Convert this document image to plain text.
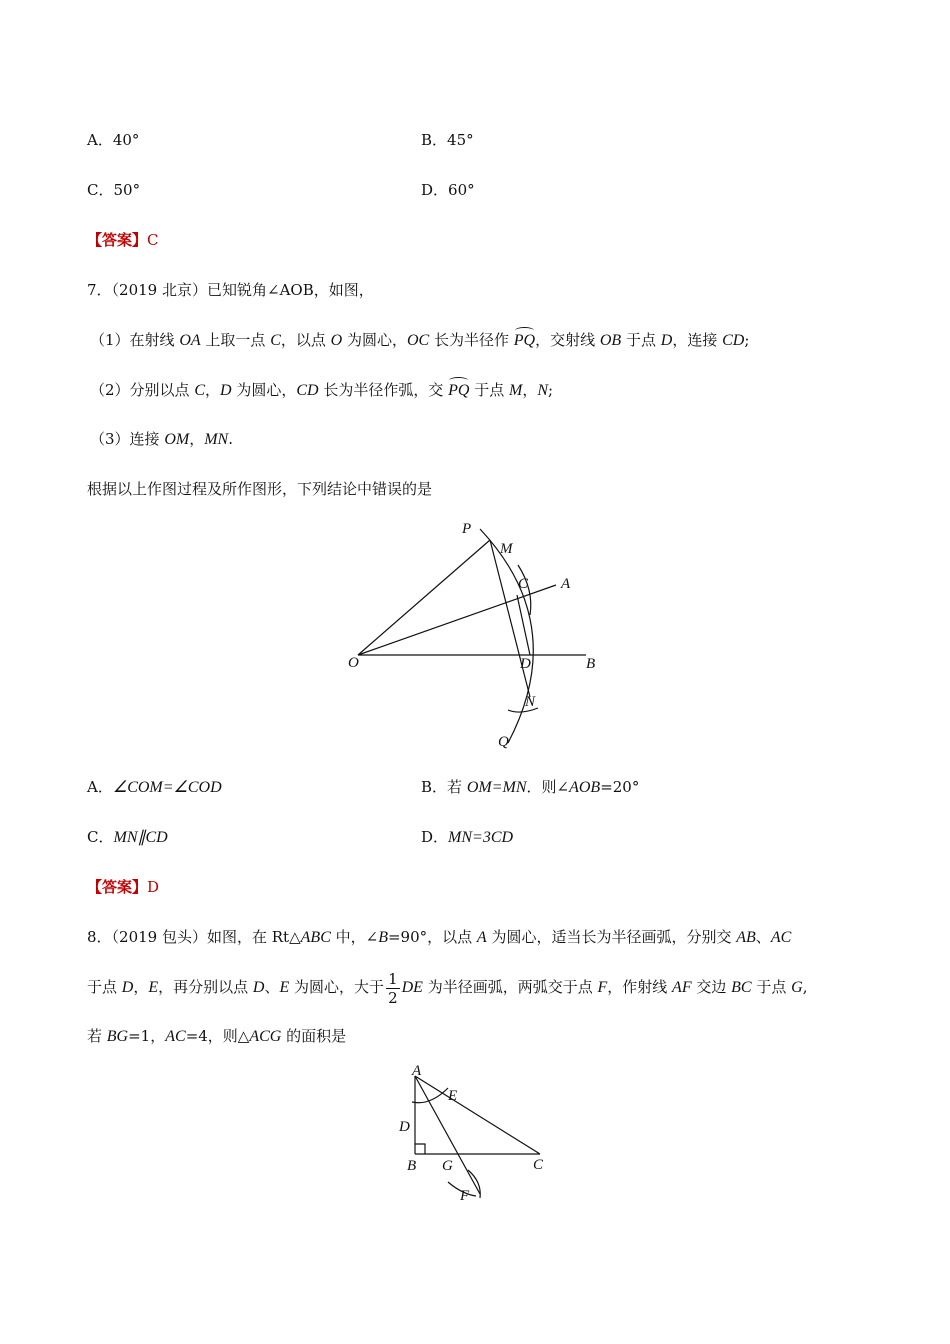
A．40°	B．45°
C．50°	D．60°
【答案】C
7．（2019 北京）已知锐角∠AOB，如图，
（1）在射线 OA 上取一点 C，以点 O 为圆心，OC 长为半径作 PQ，交射线 OB 于点 D，连接 CD;
（2）分别以点 C，D 为圆心，CD 长为半径作弧，交 PQ 于点 M，N;
（3）连接 OM，MN.
根据以上作图过程及所作图形，下列结论中错误的是
P
M
C A
O	D	B
N
Q
A．∠COM=∠COD	B．若 OM=MN．则∠AOB=20°
C．MN∥CD	D．MN=3CD
【答案】D
8．（2019 包头）如图，在 Rt△ABC 中，∠B=90°，以点 A 为圆心，适当长为半径画弧，分别交 AB、AC
于点 D，E，再分别以点 D、E 为圆心，大于 $\frac{1}{2}$ DE 为半径画弧，两弧交于点 F，作射线 AF 交边 BC 于点 G,
若 BG=1，AC=4，则△ACG 的面积是
A
E
D
B G	C
F
